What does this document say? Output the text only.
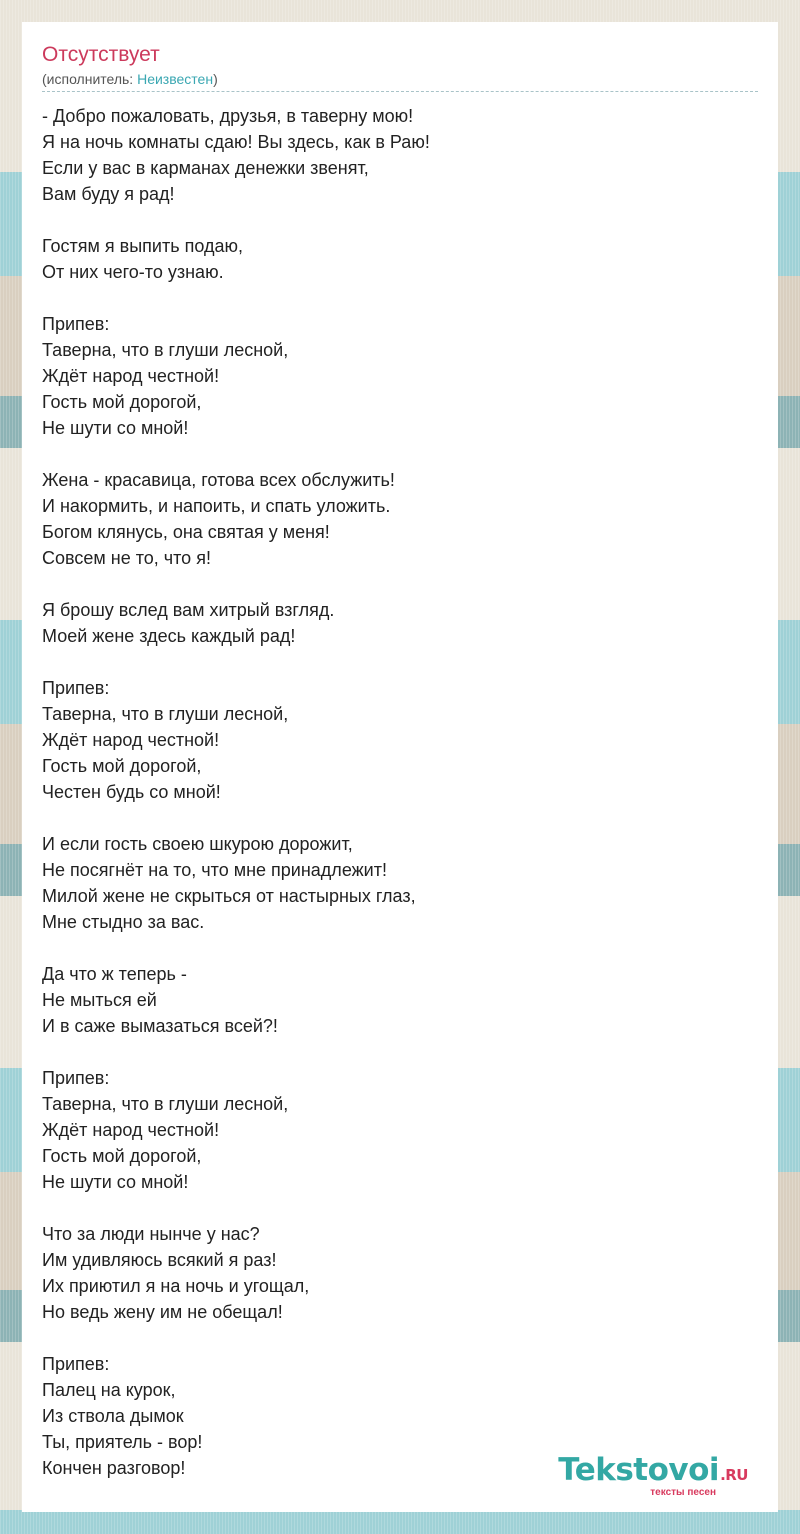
Отсутствует
(исполнитель: Неизвестен)
- Добро пожаловать, друзья, в таверну мою!
Я на ночь комнаты сдаю! Вы здесь, как в Раю!
Если у вас в карманах денежки звенят,
Вам буду я рад!
Гостям я выпить подаю,
От них чего-то узнаю.
Припев:
Таверна, что в глуши лесной,
Ждёт народ честной!
Гость мой дорогой,
Не шути со мной!
Жена - красавица, готова всех обслужить!
И накормить, и напоить, и спать уложить.
Богом клянусь, она святая у меня!
Совсем не то, что я!
Я брошу вслед вам хитрый взгляд.
Моей жене здесь каждый рад!
Припев:
Таверна, что в глуши лесной,
Ждёт народ честной!
Гость мой дорогой,
Честен будь со мной!
И если гость своею шкурою дорожит,
Не посягнёт на то, что мне принадлежит!
Милой жене не скрыться от настырных глаз,
Мне стыдно за вас.
Да что ж теперь -
Не мыться ей
И в саже вымазаться всей?!
Припев:
Таверна, что в глуши лесной,
Ждёт народ честной!
Гость мой дорогой,
Не шути со мной!
Что за люди нынче у нас?
Им удивляюсь всякий я раз!
Их приютил я на ночь и угощал,
Но ведь жену им не обещал!
Припев:
Палец на курок,
Из ствола дымок
Ты, приятель - вор!
Кончен разговор!	Tekstovoi.RU
тексты песен
